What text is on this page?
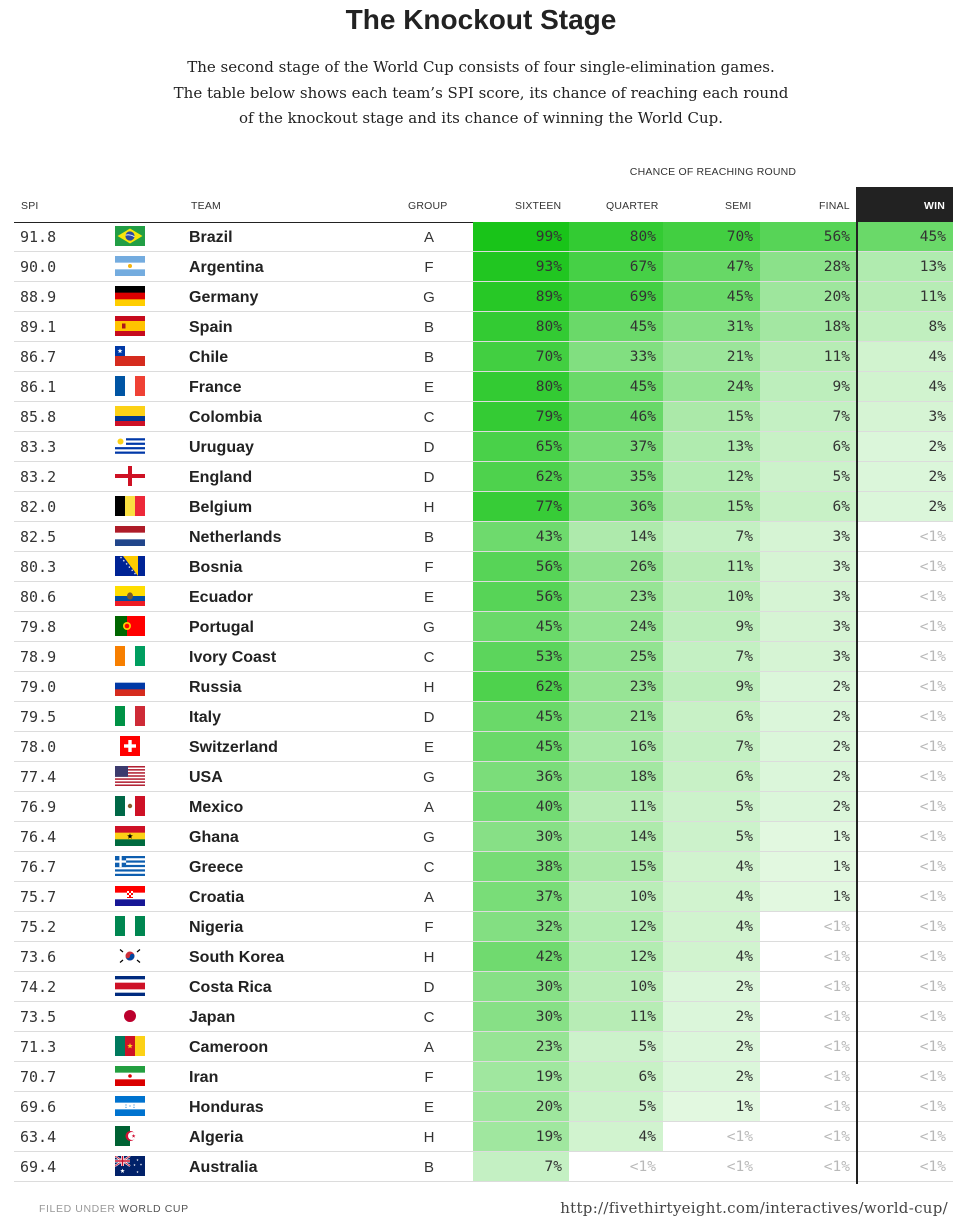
The Knockout Stage
The second stage of the World Cup consists of four single-elimination games.
The table below shows each team’s SPI score, its chance of reaching each round
of the knockout stage and its chance of winning the World Cup.
CHANCE OF REACHING ROUND
SPI	TEAM	GROUP	SIXTEEN	QUARTER	SEMI	FINAL	WIN
91.8	Brazil	A	99%	80%	70%	56%	45%
90.0	Argentina	F	93%	67%	47%	28%	13%
88.9	Germany	G	89%	69%	45%	20%	11%
89.1	Spain	B	80%	45%	31%	18%	8%
86.7	Chile	B	70%	33%	21%	11%	4%
86.1	France	E	80%	45%	24%	9%	4%
85.8	Colombia	C	79%	46%	15%	7%	3%
83.3	Uruguay	D	65%	37%	13%	6%	2%
83.2	England	D	62%	35%	12%	5%	2%
82.0	Belgium	H	77%	36%	15%	6%	2%
82.5	Netherlands	B	43%	14%	7%	3%	<1%
80.3	Bosnia	F	56%	26%	11%	3%	<1%
80.6	Ecuador	E	56%	23%	10%	3%	<1%
79.8	Portugal	G	45%	24%	9%	3%	<1%
78.9	Ivory Coast	C	53%	25%	7%	3%	<1%
79.0	Russia	H	62%	23%	9%	2%	<1%
79.5	Italy	D	45%	21%	6%	2%	<1%
78.0	Switzerland	E	45%	16%	7%	2%	<1%
77.4	USA	G	36%	18%	6%	2%	<1%
76.9	Mexico	A	40%	11%	5%	2%	<1%
76.4	Ghana	G	30%	14%	5%	1%	<1%
76.7	Greece	C	38%	15%	4%	1%	<1%
75.7	Croatia	A	37%	10%	4%	1%	<1%
75.2	Nigeria	F	32%	12%	4%	<1%	<1%
73.6	South Korea	H	42%	12%	4%	<1%	<1%
74.2	Costa Rica	D	30%	10%	2%	<1%	<1%
73.5	Japan	C	30%	11%	2%	<1%	<1%
71.3	Cameroon	A	23%	5%	2%	<1%	<1%
70.7	Iran	F	19%	6%	2%	<1%	<1%
69.6	Honduras	E	20%	5%	1%	<1%	<1%
63.4	Algeria	H	19%	4%	<1%	<1%	<1%
69.4	Australia	B	7%	<1%	<1%	<1%	<1%
FILED UNDER WORLD CUP	http://fivethirtyeight.com/interactives/world-cup/
